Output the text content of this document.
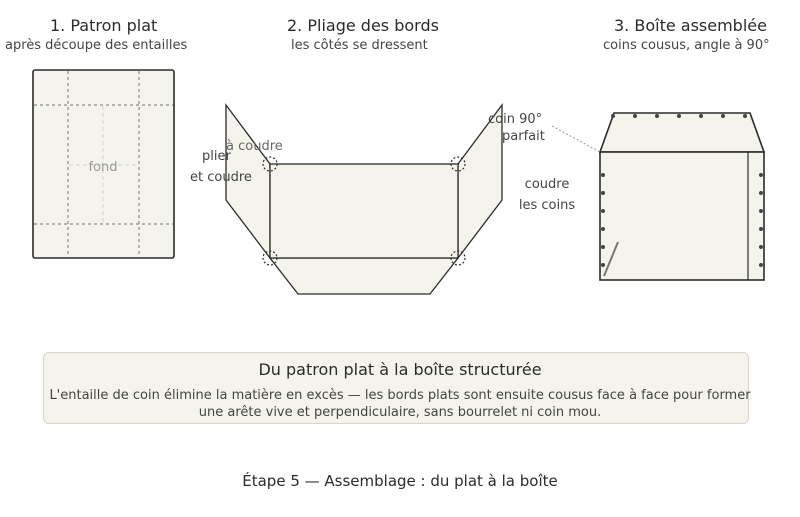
1. Patron plat
après découpe des entailles
2. Pliage des bords
les côtés se dressent
3. Boîte assemblée
coins cousus, angle à 90°
fond
plier
et coudre
à coudre
coin 90°
parfait
coudre
les coins
Du patron plat à la boîte structurée
L'entaille de coin élimine la matière en excès — les bords plats sont ensuite cousus face à face pour former
une arête vive et perpendiculaire, sans bourrelet ni coin mou.
Étape 5 — Assemblage : du plat à la boîte
